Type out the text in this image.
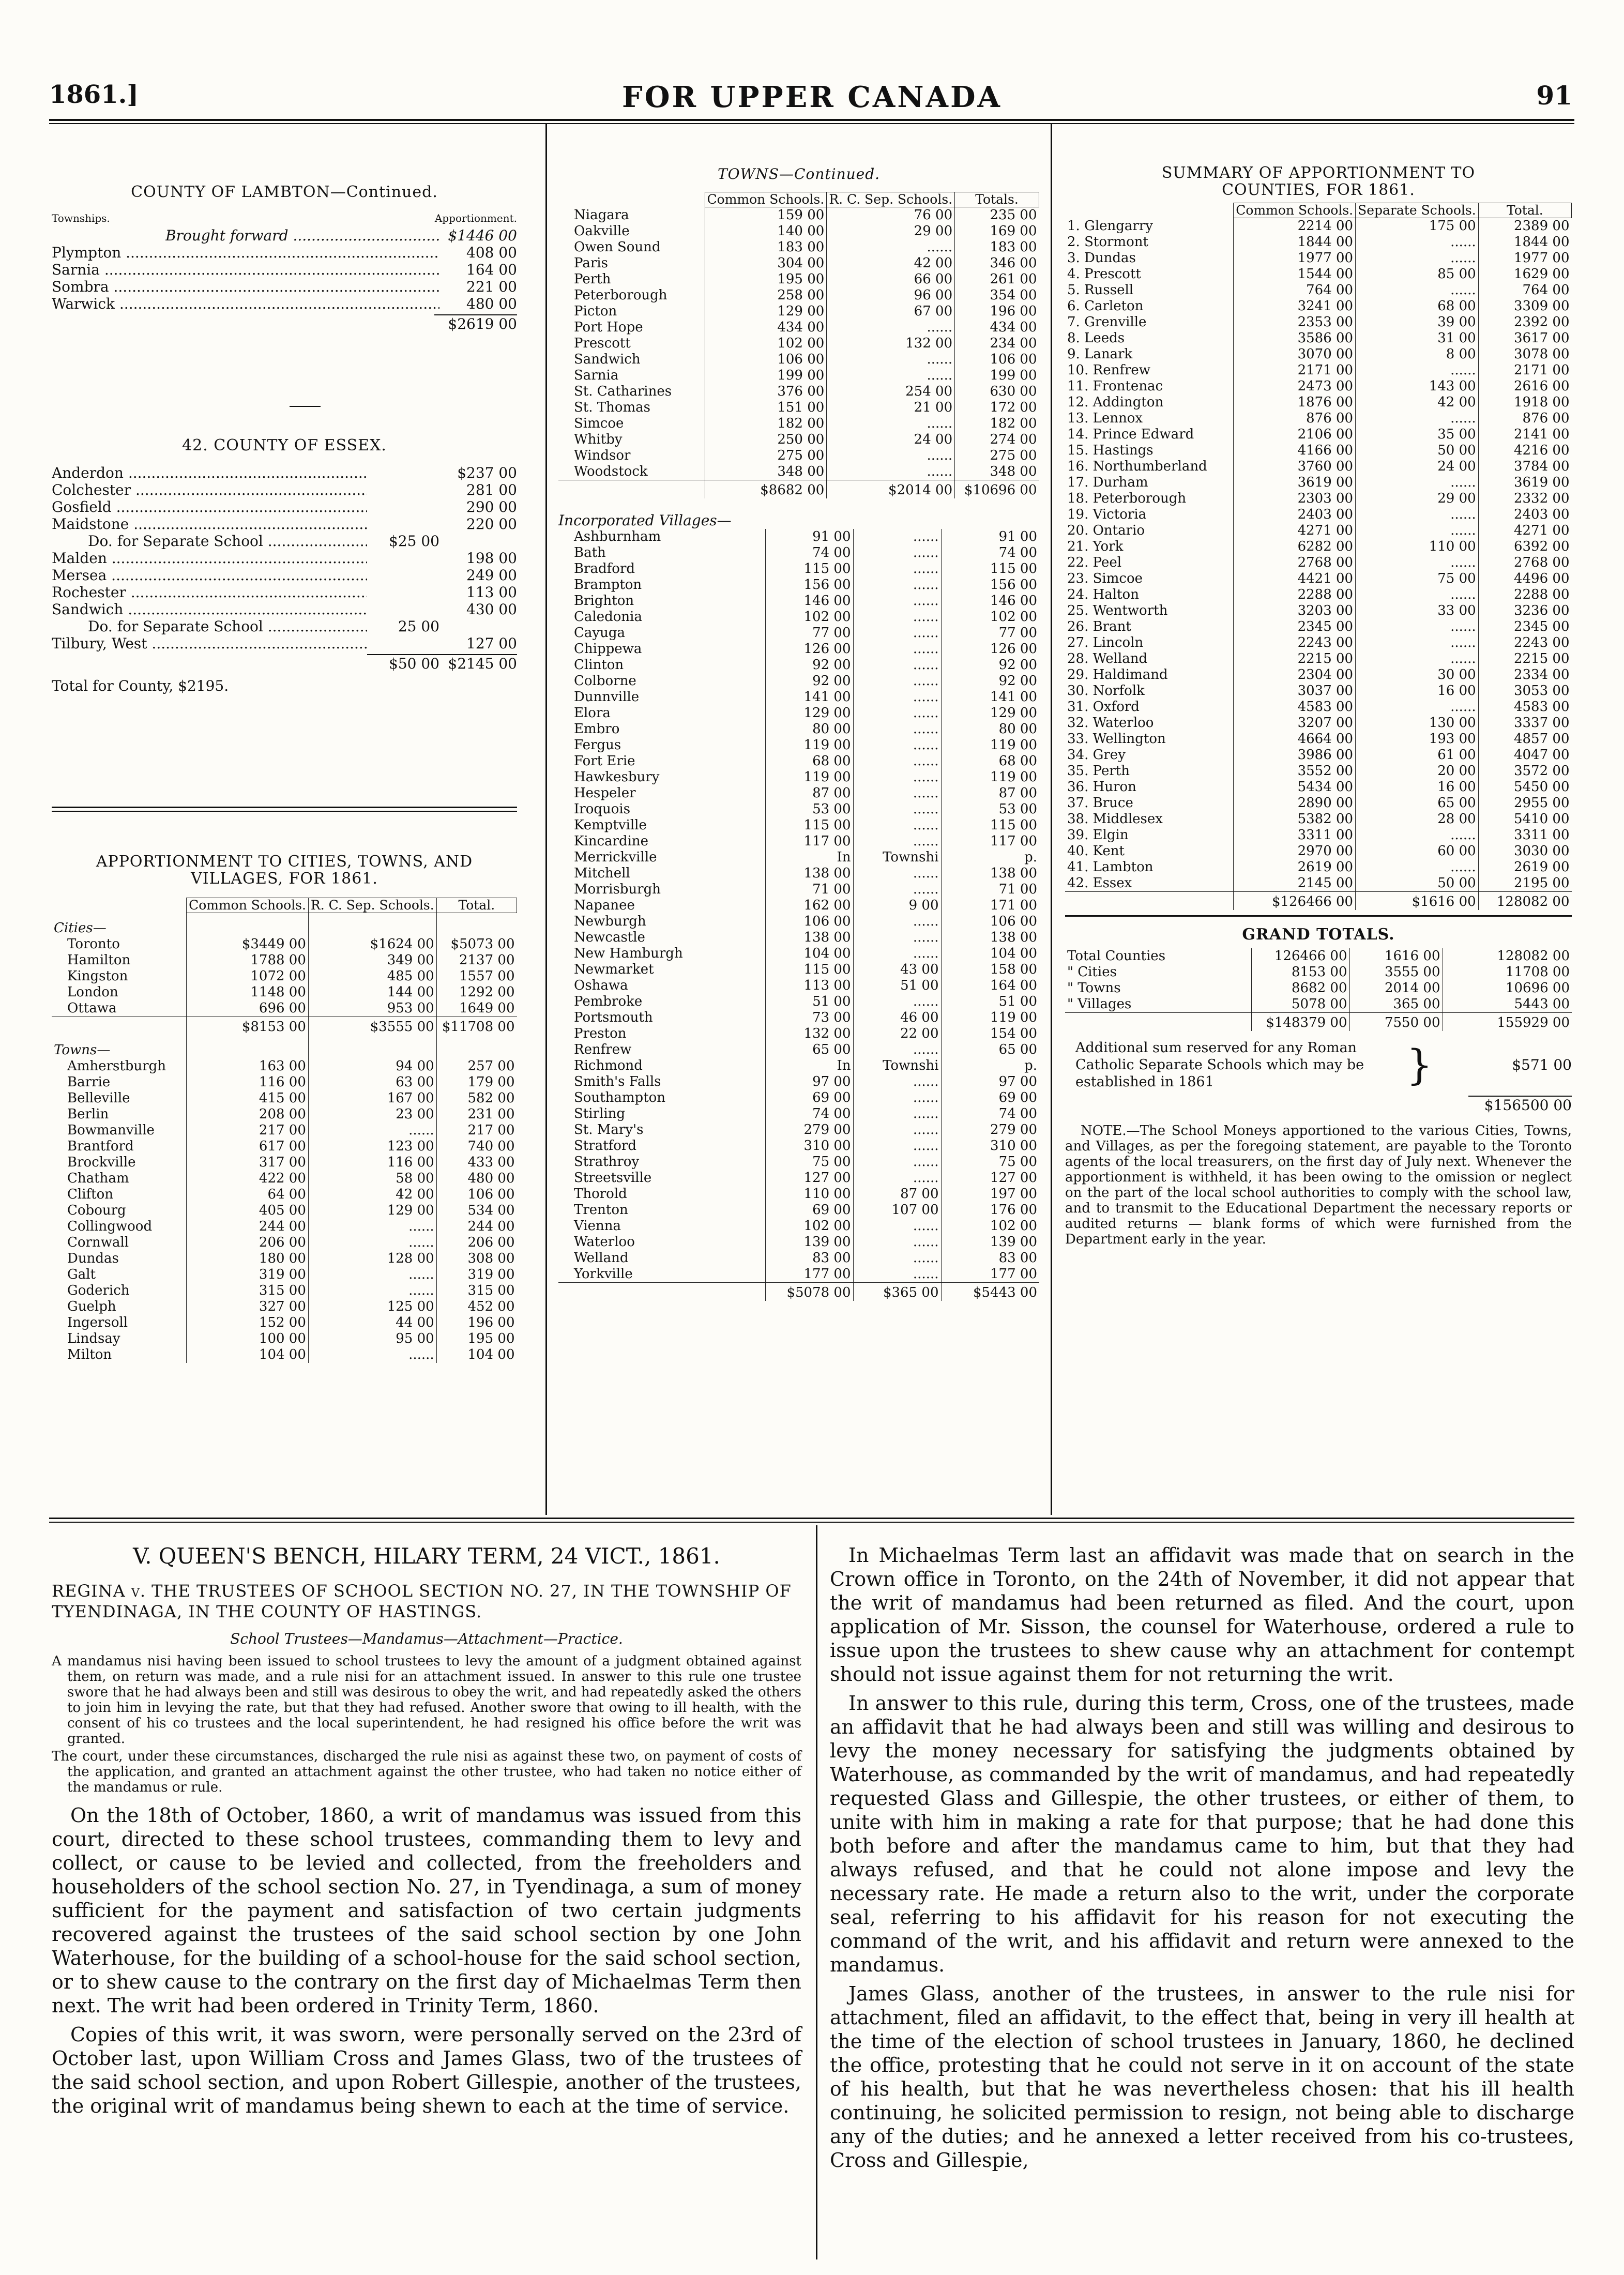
1861.]	FOR UPPER CANADA	91
COUNTY OF LAMBTON—Continued.
Townships.	Apportionment.
Brought forward .....	$1446 00
Plympton .....	408 00
Sarnia .....	164 00
Sombra .....	221 00
Warwick .....	480 00
$2619 00
42. COUNTY OF ESSEX.
Anderdon .....	$237 00
Colchester .....	281 00
Gosfield .....	290 00
Maidstone .....	220 00
Do. for Separate School .....	$25 00
Malden .....	198 00
Mersea .....	249 00
Rochester .....	113 00
Sandwich .....	430 00
Do. for Separate School .....	25 00
Tilbury, West .....	127 00
$50 00 $2145 00
Total for County, $2195.
APPORTIONMENT TO CITIES, TOWNS, AND
VILLAGES, FOR 1861.
	Common Schools.	R. C. Sep. Schools.	Total.
Cities—			
Toronto	$3449 00	$1624 00	$5073 00
Hamilton	1788 00	349 00	2137 00
Kingston	1072 00	485 00	1557 00
London	1148 00	144 00	1292 00
Ottawa	696 00	953 00	1649 00
	$8153 00	$3555 00	$11708 00
Towns—			
Amherstburgh	163 00	94 00	257 00
Barrie	116 00	63 00	179 00
Belleville	415 00	167 00	582 00
Berlin	208 00	23 00	231 00
Bowmanville	217 00	......	217 00
Brantford	617 00	123 00	740 00
Brockville	317 00	116 00	433 00
Chatham	422 00	58 00	480 00
Clifton	64 00	42 00	106 00
Cobourg	405 00	129 00	534 00
Collingwood	244 00	......	244 00
Cornwall	206 00	......	206 00
Dundas	180 00	128 00	308 00
Galt	319 00	......	319 00
Goderich	315 00	......	315 00
Guelph	327 00	125 00	452 00
Ingersoll	152 00	44 00	196 00
Lindsay	100 00	95 00	195 00
Milton	104 00	......	104 00
TOWNS—Continued.
	Common Schools.	R. C. Sep. Schools.	Totals.
Niagara	159 00	76 00	235 00
Oakville	140 00	29 00	169 00
Owen Sound	183 00	......	183 00
Paris	304 00	42 00	346 00
Perth	195 00	66 00	261 00
Peterborough	258 00	96 00	354 00
Picton	129 00	67 00	196 00
Port Hope	434 00	......	434 00
Prescott	102 00	132 00	234 00
Sandwich	106 00	......	106 00
Sarnia	199 00	......	199 00
St. Catharines	376 00	254 00	630 00
St. Thomas	151 00	21 00	172 00
Simcoe	182 00	......	182 00
Whitby	250 00	24 00	274 00
Windsor	275 00	......	275 00
Woodstock	348 00	......	348 00
	$8682 00	$2014 00	$10696 00
Incorporated Villages—
Ashburnham	91 00	......	91 00
Bath	74 00	......	74 00
Bradford	115 00	......	115 00
Brampton	156 00	......	156 00
Brighton	146 00	......	146 00
Caledonia	102 00	......	102 00
Cayuga	77 00	......	77 00
Chippewa	126 00	......	126 00
Clinton	92 00	......	92 00
Colborne	92 00	......	92 00
Dunnville	141 00	......	141 00
Elora	129 00	......	129 00
Embro	80 00	......	80 00
Fergus	119 00	......	119 00
Fort Erie	68 00	......	68 00
Hawkesbury	119 00	......	119 00
Hespeler	87 00	......	87 00
Iroquois	53 00	......	53 00
Kemptville	115 00	......	115 00
Kincardine	117 00	......	117 00
Merrickville	In	Townshi	p.
Mitchell	138 00	......	138 00
Morrisburgh	71 00	......	71 00
Napanee	162 00	9 00	171 00
Newburgh	106 00	......	106 00
Newcastle	138 00	......	138 00
New Hamburgh	104 00	......	104 00
Newmarket	115 00	43 00	158 00
Oshawa	113 00	51 00	164 00
Pembroke	51 00	......	51 00
Portsmouth	73 00	46 00	119 00
Preston	132 00	22 00	154 00
Renfrew	65 00	......	65 00
Richmond	In	Townshi	p.
Smith's Falls	97 00	......	97 00
Southampton	69 00	......	69 00
Stirling	74 00	......	74 00
St. Mary's	279 00	......	279 00
Stratford	310 00	......	310 00
Strathroy	75 00	......	75 00
Streetsville	127 00	......	127 00
Thorold	110 00	87 00	197 00
Trenton	69 00	107 00	176 00
Vienna	102 00	......	102 00
Waterloo	139 00	......	139 00
Welland	83 00	......	83 00
Yorkville	177 00	......	177 00
	$5078 00	$365 00	$5443 00
SUMMARY OF APPORTIONMENT TO
COUNTIES, FOR 1861.
	Common Schools.	Separate Schools.	Total.
1. Glengarry	2214 00	175 00	2389 00
2. Stormont	1844 00	......	1844 00
3. Dundas	1977 00	......	1977 00
4. Prescott	1544 00	85 00	1629 00
5. Russell	764 00	......	764 00
6. Carleton	3241 00	68 00	3309 00
7. Grenville	2353 00	39 00	2392 00
8. Leeds	3586 00	31 00	3617 00
9. Lanark	3070 00	8 00	3078 00
10. Renfrew	2171 00	......	2171 00
11. Frontenac	2473 00	143 00	2616 00
12. Addington	1876 00	42 00	1918 00
13. Lennox	876 00	......	876 00
14. Prince Edward	2106 00	35 00	2141 00
15. Hastings	4166 00	50 00	4216 00
16. Northumberland	3760 00	24 00	3784 00
17. Durham	3619 00	......	3619 00
18. Peterborough	2303 00	29 00	2332 00
19. Victoria	2403 00	......	2403 00
20. Ontario	4271 00	......	4271 00
21. York	6282 00	110 00	6392 00
22. Peel	2768 00	......	2768 00
23. Simcoe	4421 00	75 00	4496 00
24. Halton	2288 00	......	2288 00
25. Wentworth	3203 00	33 00	3236 00
26. Brant	2345 00	......	2345 00
27. Lincoln	2243 00	......	2243 00
28. Welland	2215 00	......	2215 00
29. Haldimand	2304 00	30 00	2334 00
30. Norfolk	3037 00	16 00	3053 00
31. Oxford	4583 00	......	4583 00
32. Waterloo	3207 00	130 00	3337 00
33. Wellington	4664 00	193 00	4857 00
34. Grey	3986 00	61 00	4047 00
35. Perth	3552 00	20 00	3572 00
36. Huron	5434 00	16 00	5450 00
37. Bruce	2890 00	65 00	2955 00
38. Middlesex	5382 00	28 00	5410 00
39. Elgin	3311 00	......	3311 00
40. Kent	2970 00	60 00	3030 00
41. Lambton	2619 00	......	2619 00
42. Essex	2145 00	50 00	2195 00
	$126466 00	$1616 00	128082 00
GRAND TOTALS.
Total Counties	126466 00	1616 00	128082 00
" Cities	8153 00	3555 00	11708 00
" Towns	8682 00	2014 00	10696 00
" Villages	5078 00	365 00	5443 00
	$148379 00	7550 00	155929 00
Additional sum reserved for any Roman Catholic Separate Schools which may be established in 1861	}	$571 00
$156500 00
NOTE.—The School Moneys apportioned to the various Cities, Towns, and Villages, as per the foregoing statement, are payable to the Toronto agents of the local treasurers, on the first day of July next. Whenever the apportionment is withheld, it has been owing to the omission or neglect on the part of the local school authorities to comply with the school law, and to transmit to the Educational Department the necessary reports or audited returns — blank forms of which were furnished from the Department early in the year.
V. QUEEN'S BENCH, HILARY TERM, 24 VICT., 1861.
REGINA v. THE TRUSTEES OF SCHOOL SECTION NO. 27, IN THE TOWNSHIP OF TYENDINAGA, IN THE COUNTY OF HASTINGS.
School Trustees—Mandamus—Attachment—Practice.

A mandamus nisi having been issued to school trustees to levy the amount of a judgment obtained against them, on return was made, and a rule nisi for an attachment issued. In answer to this rule one trustee swore that he had always been and still was desirous to obey the writ, and had repeatedly asked the others to join him in levying the rate, but that they had refused. Another swore that owing to ill health, with the consent of his co trustees and the local superintendent, he had resigned his office before the writ was granted.

The court, under these circumstances, discharged the rule nisi as against these two, on payment of costs of the application, and granted an attachment against the other trustee, who had taken no notice either of the mandamus or rule.

On the 18th of October, 1860, a writ of mandamus was issued from this court, directed to these school trustees, commanding them to levy and collect, or cause to be levied and collected, from the freeholders and householders of the school section No. 27, in Tyendinaga, a sum of money sufficient for the payment and satisfaction of two certain judgments recovered against the trustees of the said school section by one John Waterhouse, for the building of a school-house for the said school section, or to shew cause to the contrary on the first day of Michaelmas Term then next. The writ had been ordered in Trinity Term, 1860.

Copies of this writ, it was sworn, were personally served on the 23rd of October last, upon William Cross and James Glass, two of the trustees of the said school section, and upon Robert Gillespie, another of the trustees, the original writ of mandamus being shewn to each at the time of service.

In Michaelmas Term last an affidavit was made that on search in the Crown office in Toronto, on the 24th of November, it did not appear that the writ of mandamus had been returned as filed. And the court, upon application of Mr. Sisson, the counsel for Waterhouse, ordered a rule to issue upon the trustees to shew cause why an attachment for contempt should not issue against them for not returning the writ.

In answer to this rule, during this term, Cross, one of the trustees, made an affidavit that he had always been and still was willing and desirous to levy the money necessary for satisfying the judgments obtained by Waterhouse, as commanded by the writ of mandamus, and had repeatedly requested Glass and Gillespie, the other trustees, or either of them, to unite with him in making a rate for that purpose; that he had done this both before and after the mandamus came to him, but that they had always refused, and that he could not alone impose and levy the necessary rate. He made a return also to the writ, under the corporate seal, referring to his affidavit for his reason for not executing the command of the writ, and his affidavit and return were annexed to the mandamus.

James Glass, another of the trustees, in answer to the rule nisi for attachment, filed an affidavit, to the effect that, being in very ill health at the time of the election of school trustees in January, 1860, he declined the office, protesting that he could not serve in it on account of the state of his health, but that he was nevertheless chosen: that his ill health continuing, he solicited permission to resign, not being able to discharge any of the duties; and he annexed a letter received from his co-trustees, Cross and Gillespie,
